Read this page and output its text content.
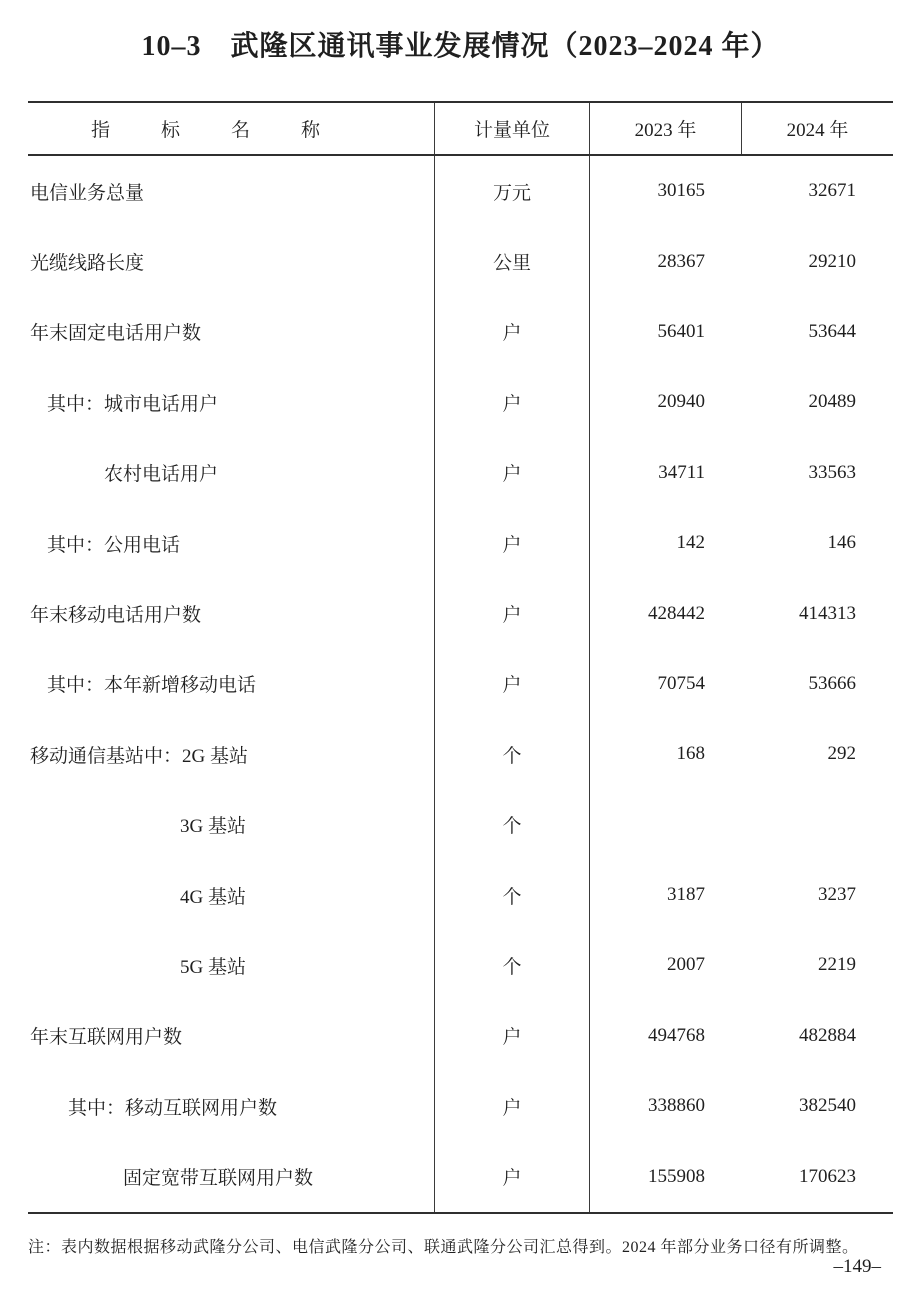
10–3　武隆区通讯事业发展情况（2023–2024 年）
指标名称	计量单位	2023 年	2024 年
电信业务总量	万元	30165	32671
光缆线路长度	公里	28367	29210
年末固定电话用户数	户	56401	53644
其中：城市电话用户	户	20940	20489
农村电话用户	户	34711	33563
其中：公用电话	户	142	146
年末移动电话用户数	户	428442	414313
其中：本年新增移动电话	户	70754	53666
移动通信基站中：2G 基站	个	168	292
3G 基站	个
4G 基站	个	3187	3237
5G 基站	个	2007	2219
年末互联网用户数	户	494768	482884
其中：移动互联网用户数	户	338860	382540
固定宽带互联网用户数	户	155908	170623
注：表内数据根据移动武隆分公司、电信武隆分公司、联通武隆分公司汇总得到。2024 年部分业务口径有所调整。
–149–
